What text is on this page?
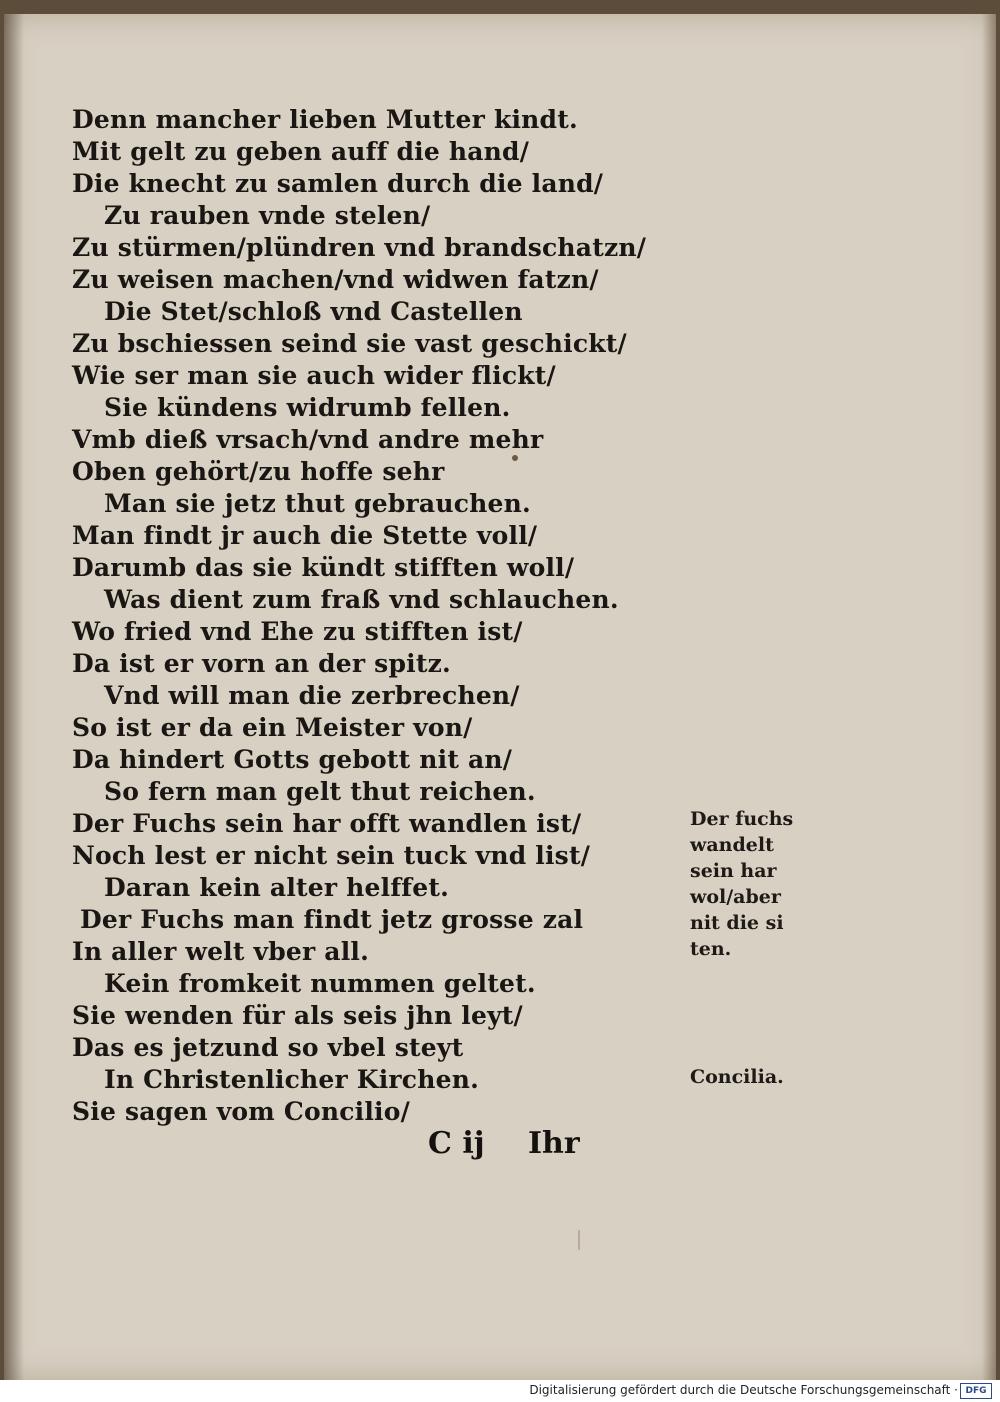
Denn mancher lieben Mutter kindt.
Mit gelt zu geben auff die hand/
Die knecht zu samlen durch die land/
Zu rauben vnde stelen/
Zu stürmen/plündren vnd brandschatzn/
Zu weisen machen/vnd widwen fatzn/
Die Stet/schloß vnd Castellen
Zu bschiessen seind sie vast geschickt/
Wie ser man sie auch wider flickt/
Sie kündens widrumb fellen.
Vmb dieß vrsach/vnd andre mehr
Oben gehört/zu hoffe sehr
Man sie jetz thut gebrauchen.
Man findt jr auch die Stette voll/
Darumb das sie kündt stifften woll/
Was dient zum fraß vnd schlauchen.
Wo fried vnd Ehe zu stifften ist/
Da ist er vorn an der spitz.
Vnd will man die zerbrechen/
So ist er da ein Meister von/
Da hindert Gotts gebott nit an/
So fern man gelt thut reichen.
Der Fuchs sein har offt wandlen ist/
Noch lest er nicht sein tuck vnd list/
Daran kein alter helffet.
Der Fuchs man findt jetz grosse zal
In aller welt vber all.
Kein fromkeit nummen geltet.
Sie wenden für als seis jhn leyt/
Das es jetzund so vbel steyt
In Christenlicher Kirchen.
Sie sagen vom Concilio/
Der fuchs
wandelt
sein har
wol/aber
nit die si
ten.
Concilia.
C ij Ihr
Digitalisierung gefördert durch die Deutsche Forschungsgemeinschaft · DFG
